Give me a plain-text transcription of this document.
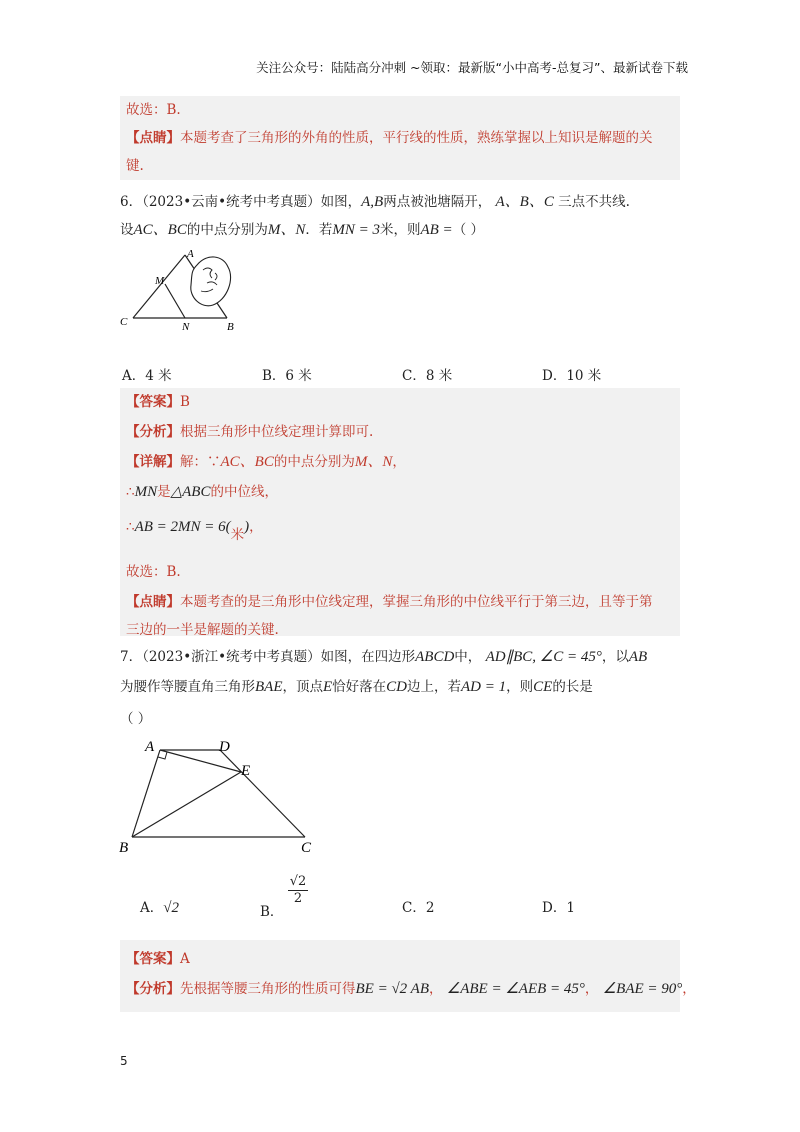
关注公众号：陆陆高分冲刺 ~领取：最新版“小中高考-总复习”、最新试卷下载
故选：B.
【点睛】本题考查了三角形的外角的性质，平行线的性质，熟练掌握以上知识是解题的关
键.
6．（2023•云南•统考中考真题）如图，A,B两点被池塘隔开， A、B、C 三点不共线.
设AC、BC的中点分别为M、N．若MN = 3米，则AB =（ ）
A
M
C	N	B
A．4 米	B．6 米	C．8 米	D．10 米
【答案】B
【分析】根据三角形中位线定理计算即可.
【详解】解：∵AC、BC的中点分别为M、N，
∴MN是△ABC的中位线，
∴AB = 2MN = 6(米)，
故选：B.
【点睛】本题考查的是三角形中位线定理，掌握三角形的中位线平行于第三边，且等于第
三边的一半是解题的关键.
7．（2023•浙江•统考中考真题）如图，在四边形ABCD中， AD∥BC, ∠C = 45°，以AB
为腰作等腰直角三角形BAE，顶点E恰好落在CD边上，若AD = 1，则CE的长是
（ ）
A	D
E
B	C
A．√2	B．
$\frac{√2}{2}$
C．2	D．1
【答案】A
【分析】先根据等腰三角形的性质可得BE = √2 AB， ∠ABE = ∠AEB = 45°， ∠BAE = 90°，
5
